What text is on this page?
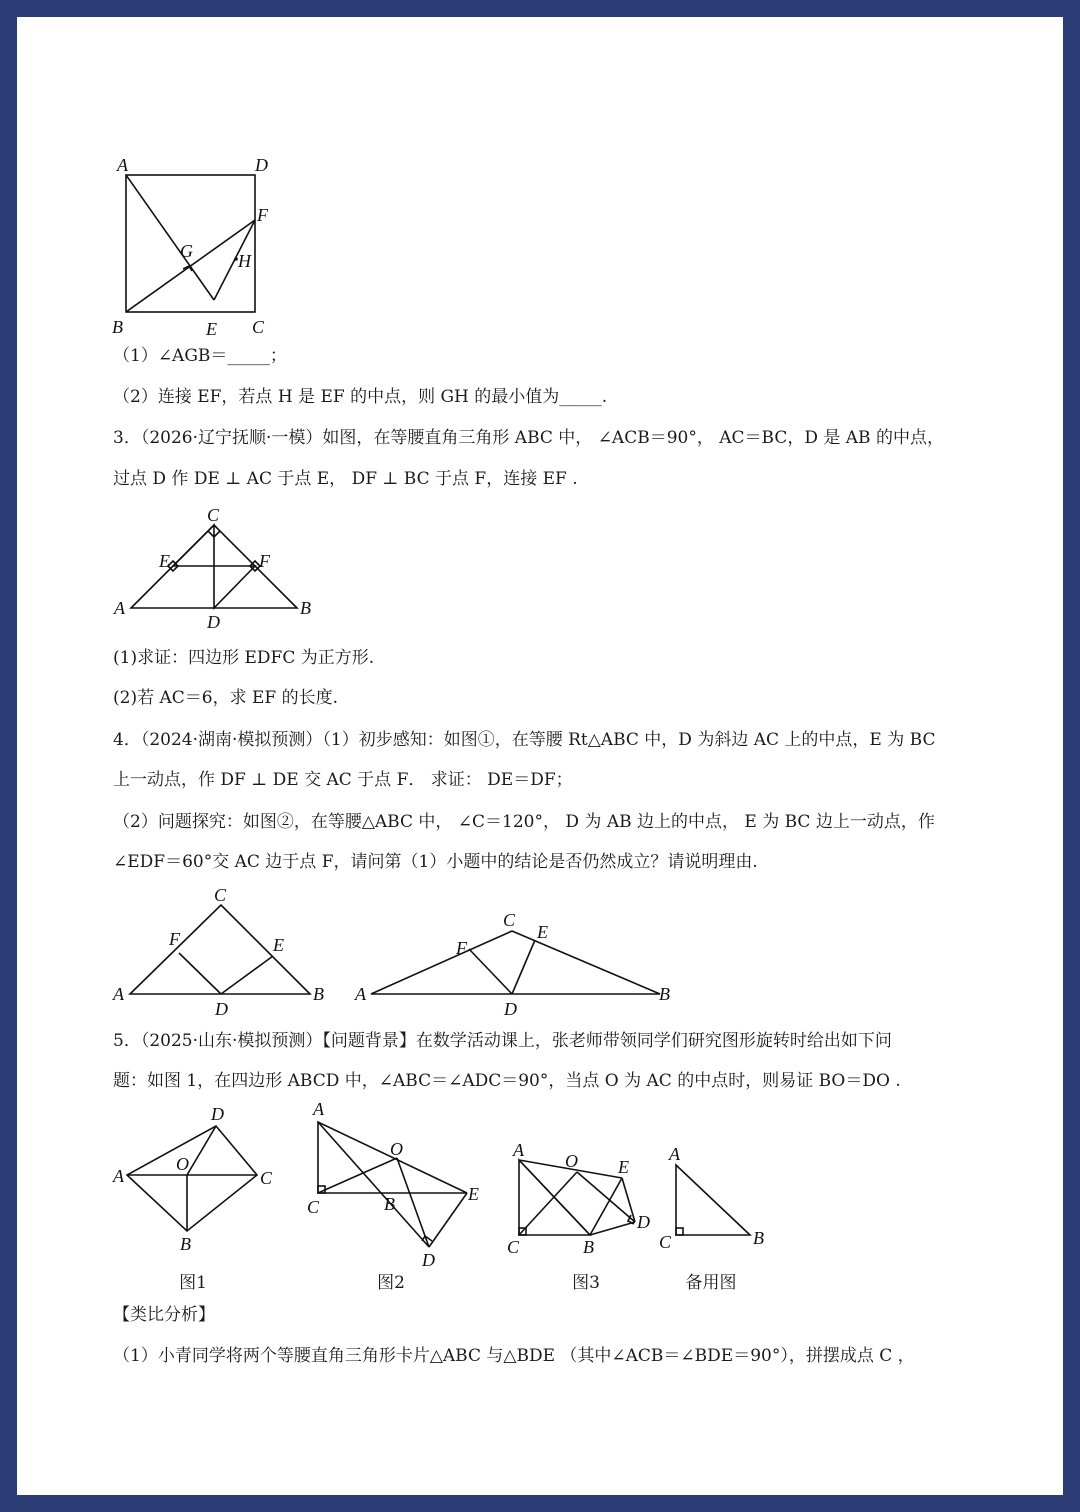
A	D
F
G	H
B	E C
（1）∠AGB＝_____；
（2）连接 EF，若点 H 是 EF 的中点，则 GH 的最小值为_____.
3．（2026·辽宁抚顺·一模）如图，在等腰直角三角形 ABC 中， ∠ACB＝90°， AC＝BC，D 是 AB 的中点，
过点 D 作 DE ⊥ AC 于点 E， DF ⊥ BC 于点 F，连接 EF .
C
E	F
A
D
B
(1)求证：四边形 EDFC 为正方形.
(2)若 AC＝6，求 EF 的长度.
4．（2024·湖南·模拟预测）（1）初步感知：如图①，在等腰 Rt△ABC 中，D 为斜边 AC 上的中点，E 为 BC
上一动点，作 DF ⊥ DE 交 AC 于点 F． 求证： DE＝DF；
（2）问题探究：如图②，在等腰△ABC 中， ∠C＝120°， D 为 AB 边上的中点， E 为 BC 边上一动点，作
∠EDF＝60°交 AC 边于点 F，请问第（1）小题中的结论是否仍然成立？请说明理由.
C
F	E
A
D
B
C
E
F
A
D
B
5．（2025·山东·模拟预测）【问题背景】在数学活动课上，张老师带领同学们研究图形旋转时给出如下问
题：如图 1，在四边形 ABCD 中，∠ABC＝∠ADC＝90°，当点 O 为 AC 的中点时，则易证 BO＝DO .
D
A
O
C
B
图1
A
O
C	B	E
D
图2
A
O E
D
C	B
图3
A
C	B
备用图
【类比分析】
（1）小青同学将两个等腰直角三角形卡片△ABC 与△BDE （其中∠ACB＝∠BDE＝90°），拼摆成点 C ，
